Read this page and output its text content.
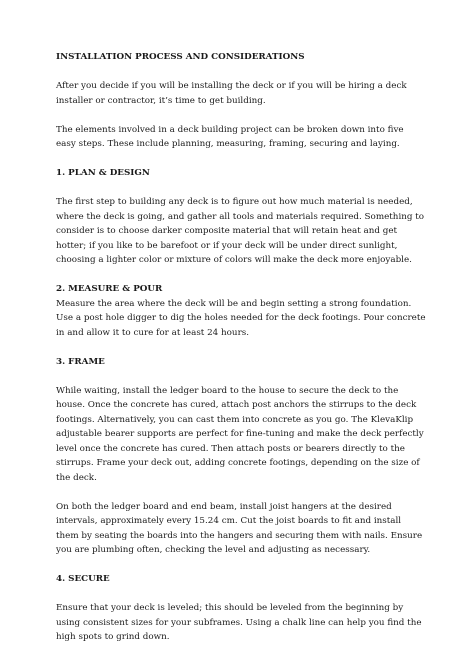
INSTALLATION PROCESS AND CONSIDERATIONS

After you decide if you will be installing the deck or if you will be hiring a deck installer or contractor, it’s time to get building.

The elements involved in a deck building project can be broken down into five easy steps. These include planning, measuring, framing, securing and laying.

1. PLAN & DESIGN

The first step to building any deck is to figure out how much material is needed, where the deck is going, and gather all tools and materials required. Something to consider is to choose darker composite material that will retain heat and get hotter; if you like to be barefoot or if your deck will be under direct sunlight, choosing a lighter color or mixture of colors will make the deck more enjoyable.

2. MEASURE & POUR

Measure the area where the deck will be and begin setting a strong foundation. Use a post hole digger to dig the holes needed for the deck footings. Pour concrete in and allow it to cure for at least 24 hours.

3. FRAME

While waiting, install the ledger board to the house to secure the deck to the house. Once the concrete has cured, attach post anchors the stirrups to the deck footings. Alternatively, you can cast them into concrete as you go. The KlevaKlip adjustable bearer supports are perfect for fine-tuning and make the deck perfectly level once the concrete has cured. Then attach posts or bearers directly to the stirrups. Frame your deck out, adding concrete footings, depending on the size of the deck.

On both the ledger board and end beam, install joist hangers at the desired intervals, approximately every 15.24 cm. Cut the joist boards to fit and install them by seating the boards into the hangers and securing them with nails. Ensure you are plumbing often, checking the level and adjusting as necessary.

4. SECURE

Ensure that your deck is leveled; this should be leveled from the beginning by using consistent sizes for your subframes. Using a chalk line can help you find the high spots to grind down.
